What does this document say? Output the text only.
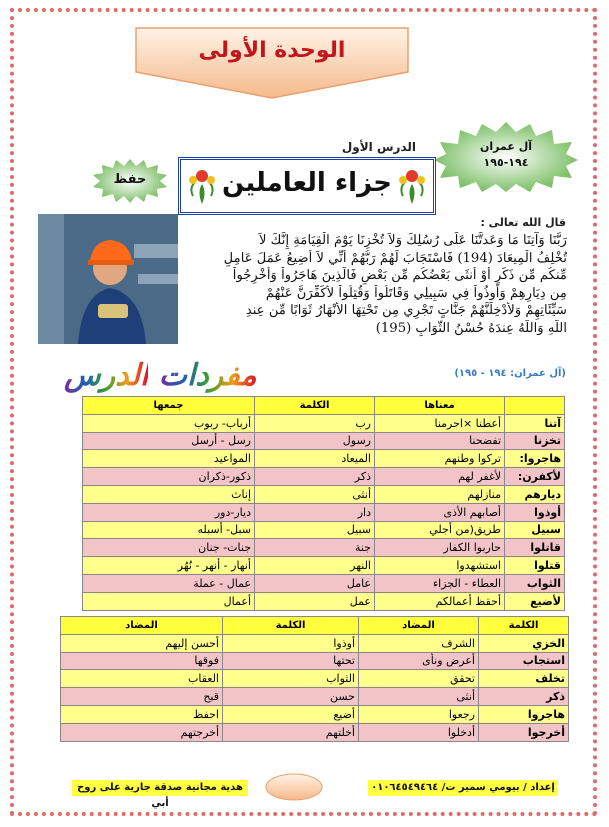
الوحدة الأولى
آل عمران
١٩٤-١٩٥
حفظ
الدرس الأول
جزاء العاملين
قال الله تعالى :
رَبَّنَا وَآتِنَا مَا وَعَدتَّنَا عَلَى رُسُلِكَ وَلاَ تُخْزِنَا يَوْمَ الْقِيَامَةِ إِنَّكَ لاَ
تُخْلِفُ الْمِيعَادَ (194) فَاسْتَجَابَ لَهُمْ رَبُّهُمْ أَنِّي لاَ أُضِيعُ عَمَلَ عَامِلٍ
مِّنكُم مِّن ذَكَرٍ أَوْ أُنثَى بَعْضُكُم مِّن بَعْضٍ فَالَّذِينَ هَاجَرُواْ وَأُخْرِجُواْ
مِن دِيَارِهِمْ وَأُوذُواْ فِي سَبِيلِي وَقَاتَلُواْ وَقُتِلُواْ لأُكَفِّرَنَّ عَنْهُمْ
سَيِّئَاتِهِمْ وَلأُدْخِلَنَّهُمْ جَنَّاتٍ تَجْرِي مِن تَحْتِهَا الأَنْهَارُ ثَوَابًا مِّن عِندِ
اللّهِ وَاللّهُ عِندَهُ حُسْنُ الثَّوَابِ (195)
(آل عمران: ١٩٤ - ١٩٥)
مفردات الدرس
	معناها	الكلمة	جمعها
آتنا	أعطنا ×احرمنا	رب	أرباب- ربوب
تخزنا	تفضحنا	رسول	رسل - أرسل
هاجروا:	تركوا وطنهم	الميعاد	المواعيد
لأكفرن:	لأغفر لهم	ذكر	ذكور-ذكران
ديارهم	منازلهم	أنثى	إناث
أوذوا	أصابهم الأذى	دار	ديار-دور
سبيل	طريق(من أجلي	سبيل	سبل- أسبله
قاتلوا	حاربوا الكفار	جنة	جنات- جنان
قتلوا	استشهدوا	النهر	أنهار - أنهر - نُهُر
الثواب	العطاء - الجزاء	عامل	عمال - عملة
لأضيع	أحقظ أعمالكم	عمل	أعمال
الكلمة	المضاد	الكلمة	المضاد
الخزي	الشرف	أوذوا	أحسن إليهم
استجاب	أعرض ونأى	تحتها	فوقها
تخلف	تحقق	الثواب	العقاب
ذكر	أنثى	حسن	قبح
هاجروا	رجعوا	أضيع	احفظ
أخرجوا	أدخلوا	أخلتهم	أخرجتهم
هدية مجانية صدقة جارية على روح أبي
إعداد / بيومي سمير ت/ ٠١٠٦٤٥٤٩٤٦٤
